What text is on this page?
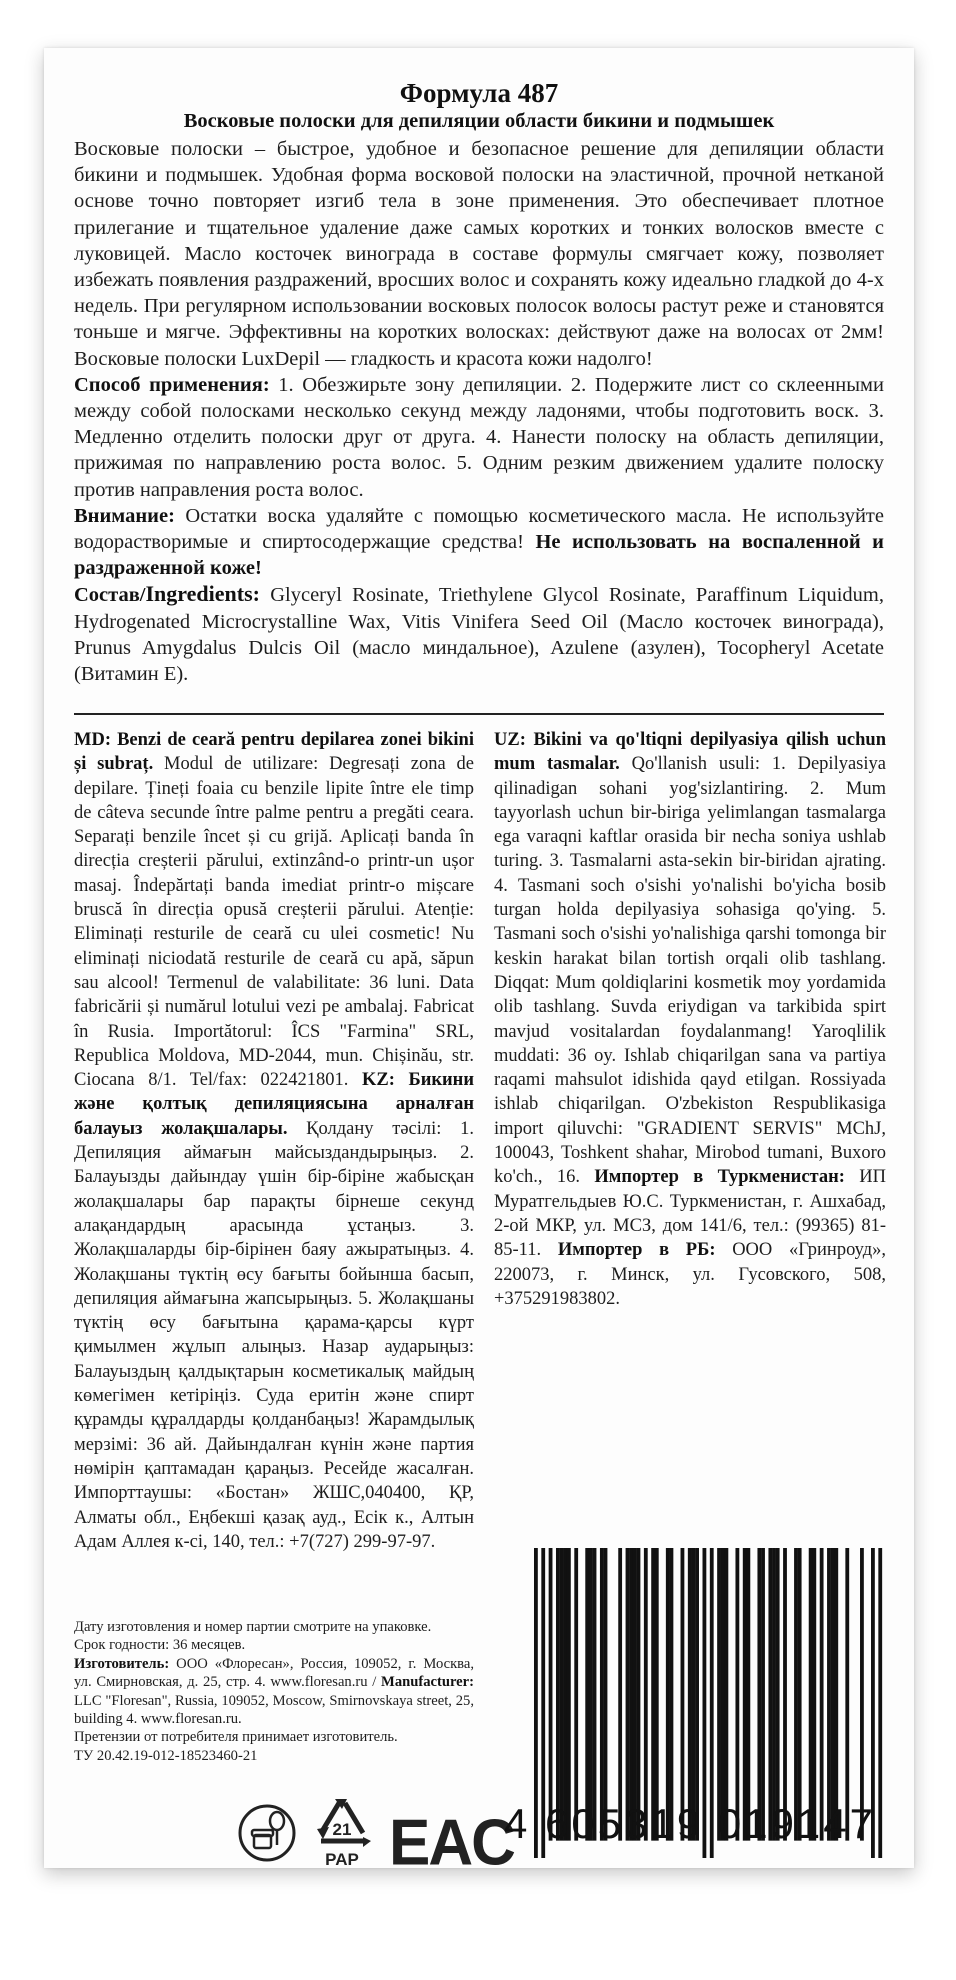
Формула 487

Восковые полоски для депиляции области бикини и подмышек

Восковые полоски – быстрое, удобное и безопасное решение для депиляции области бикини и подмышек. Удобная форма восковой полоски на эластичной, прочной нетканой основе точно повторяет изгиб тела в зоне применения. Это обеспечивает плотное прилегание и тщательное удаление даже самых коротких и тонких волосков вместе с луковицей. Масло косточек винограда в составе формулы смягчает кожу, позволяет избежать появления раздражений, вросших волос и сохранять кожу идеально гладкой до 4-х недель. При регулярном использовании восковых полосок волосы растут реже и становятся тоньше и мягче. Эффективны на коротких волосках: действуют даже на волосах от 2мм! Восковые полоски LuxDepil — гладкость и красота кожи надолго!

Способ применения: 1. Обезжирьте зону депиляции. 2. Подержите лист со склеенными между собой полосками несколько секунд между ладонями, чтобы подготовить воск. 3. Медленно отделить полоски друг от друга. 4. Нанести полоску на область депиляции, прижимая по направлению роста волос. 5. Одним резким движением удалите полоску против направления роста волос.

Внимание: Остатки воска удаляйте с помощью косметического масла. Не используйте водорастворимые и спиртосодержащие средства! Не использовать на воспаленной и раздраженной коже!

Состав/Ingredients: Glyceryl Rosinate, Triethylene Glycol Rosinate, Paraffinum Liquidum, Hydrogenated Microcrystalline Wax, Vitis Vinifera Seed Oil (Масло косточек винограда), Prunus Amygdalus Dulcis Oil (масло миндальное), Azulene (азулен), Tocopheryl Acetate (Витамин E).

MD: Benzi de ceară pentru depilarea zonei bikini și subraț. Modul de utilizare: Degresați zona de depilare. Țineți foaia cu benzile lipite între ele timp de câteva secunde între palme pentru a pregăti ceara. Separați benzile încet și cu grijă. Aplicați banda în direcția creșterii părului, extinzând-o printr-un ușor masaj. Îndepărtați banda imediat printr-o mișcare bruscă în direcția opusă creșterii părului. Atenție: Eliminați resturile de ceară cu ulei cosmetic! Nu eliminați niciodată resturile de ceară cu apă, săpun sau alcool! Termenul de valabilitate: 36 luni. Data fabricării și numărul lotului vezi pe ambalaj. Fabricat în Rusia. Importătorul: ÎCS "Farmina" SRL, Republica Moldova, MD-2044, mun. Chișinău, str. Ciocana 8/1. Tel/fax: 022421801. KZ: Бикини және қолтық депиляциясына арналған балауыз жолақшалары. Қолдану тәсілі: 1. Депиляция аймағын майсыздандырыңыз. 2. Балауызды дайындау үшін бір-біріне жабысқан жолақшалары бар парақты бірнеше секунд алақандардың арасында ұстаңыз. 3. Жолақшаларды бір-бірінен баяу ажыратыңыз. 4. Жолақшаны түктің өсу бағыты бойынша басып, депиляция аймағына жапсырыңыз. 5. Жолақшаны түктің өсу бағытына қарама-қарсы күрт қимылмен жұлып алыңыз. Назар аударыңыз: Балауыздың қалдықтарын косметикалық майдың көмегімен кетіріңіз. Суда еритін және спирт құрамды құралдарды қолданбаңыз! Жарамдылық мерзімі: 36 ай. Дайындалған күнін және партия нөмірін қаптамадан қараңыз. Ресейде жасалған. Импорттаушы: «Бостан» ЖШС,040400, ҚР, Алматы обл., Еңбекші қазақ ауд., Есік к., Алтын Адам Аллея к-сі, 140, тел.: +7(727) 299-97-97.

UZ: Bikini va qo'ltiqni depilyasiya qilish uchun mum tasmalar. Qo'llanish usuli: 1. Depilyasiya qilinadigan sohani yog'sizlantiring. 2. Mum tayyorlash uchun bir-biriga yelimlangan tasmalarga ega varaqni kaftlar orasida bir necha soniya ushlab turing. 3. Tasmalarni asta-sekin bir-biridan ajrating. 4. Tasmani soch o'sishi yo'nalishi bo'yicha bosib turgan holda depilyasiya sohasiga qo'ying. 5. Tasmani soch o'sishi yo'nalishiga qarshi tomonga bir keskin harakat bilan tortish orqali olib tashlang. Diqqat: Mum qoldiqlarini kosmetik moy yordamida olib tashlang. Suvda eriydigan va tarkibida spirt mavjud vositalardan foydalanmang! Yaroqlilik muddati: 36 oy. Ishlab chiqarilgan sana va partiya raqami mahsulot idishida qayd etilgan. Rossiyada ishlab chiqarilgan. O'zbekiston Respublikasiga import qiluvchi: "GRADIENT SERVIS" MChJ, 100043, Toshkent shahar, Mirobod tumani, Buxoro ko'ch., 16. Импортер в Туркменистан: ИП Муратгельдыев Ю.С. Туркменистан, г. Ашхабад, 2-ой МКР, ул. МСЗ, дом 141/6, тел.: (99365) 81-85-11. Импортер в РБ: ООО «Гринроуд», 220073, г. Минск, ул. Гусовского, 508, +375291983802.

Дату изготовления и номер партии смотрите на упаковке.

Срок годности: 36 месяцев.

Изготовитель: ООО «Флоресан», Россия, 109052, г. Москва, ул. Смирновская, д. 25, стр. 4. www.floresan.ru / Manufacturer: LLC "Floresan", Russia, 109052, Moscow, Smirnovskaya street, 25, building 4. www.floresan.ru.

Претензии от потребителя принимает изготовитель.

ТУ 20.42.19-012-18523460-21

21
PAP EAC
4 605319 019147
